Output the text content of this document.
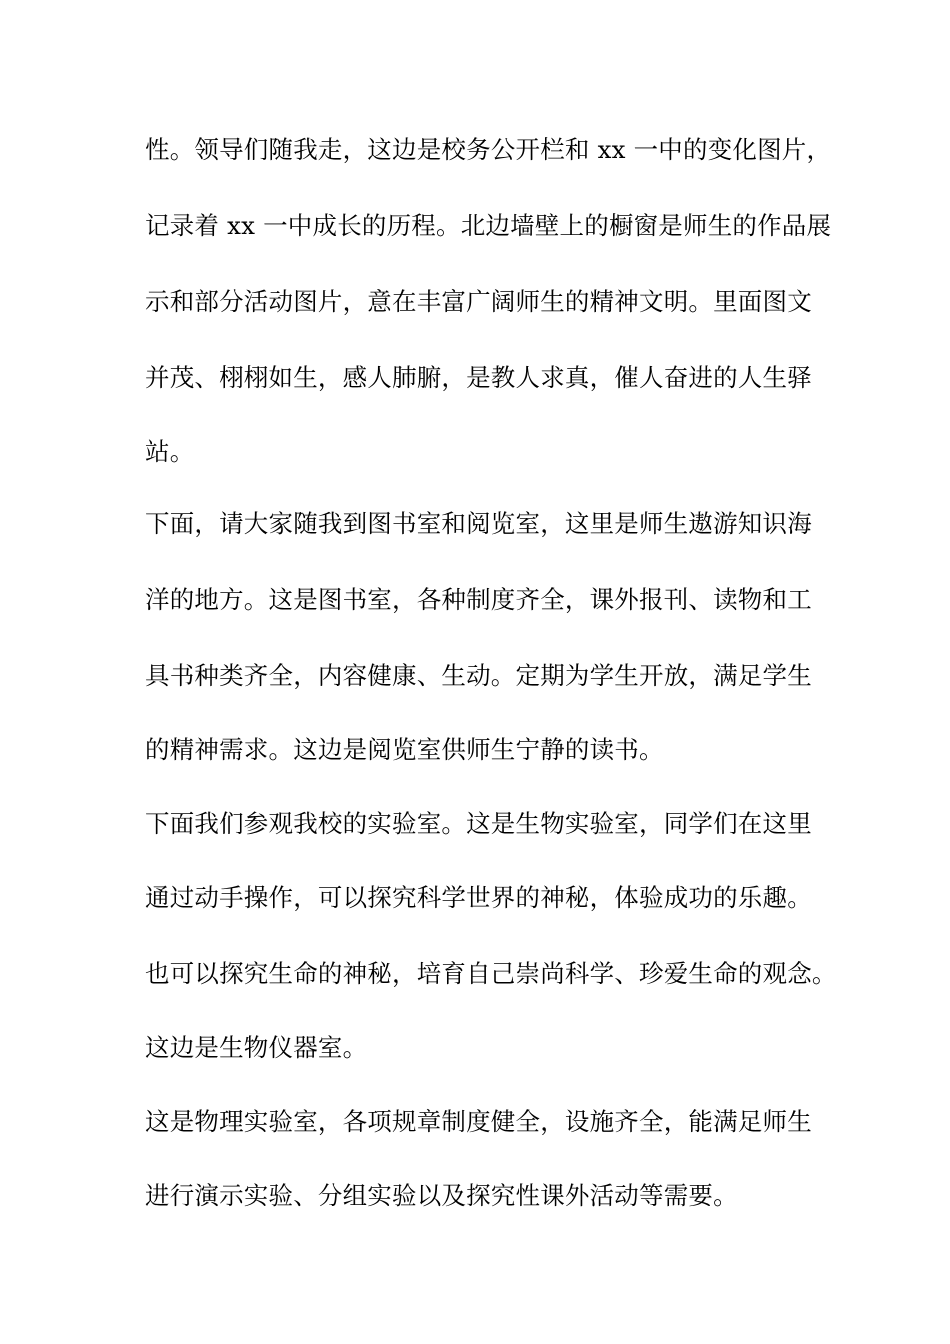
性。领导们随我走，这边是校务公开栏和 xx 一中的变化图片，
记录着 xx 一中成长的历程。北边墙壁上的橱窗是师生的作品展
示和部分活动图片，意在丰富广阔师生的精神文明。里面图文
并茂、栩栩如生，感人肺腑，是教人求真，催人奋进的人生驿
站。
下面，请大家随我到图书室和阅览室，这里是师生遨游知识海
洋的地方。这是图书室，各种制度齐全，课外报刊、读物和工
具书种类齐全，内容健康、生动。定期为学生开放，满足学生
的精神需求。这边是阅览室供师生宁静的读书。
下面我们参观我校的实验室。这是生物实验室，同学们在这里
通过动手操作，可以探究科学世界的神秘，体验成功的乐趣。
也可以探究生命的神秘，培育自己崇尚科学、珍爱生命的观念。
这边是生物仪器室。
这是物理实验室，各项规章制度健全，设施齐全，能满足师生
进行演示实验、分组实验以及探究性课外活动等需要。
